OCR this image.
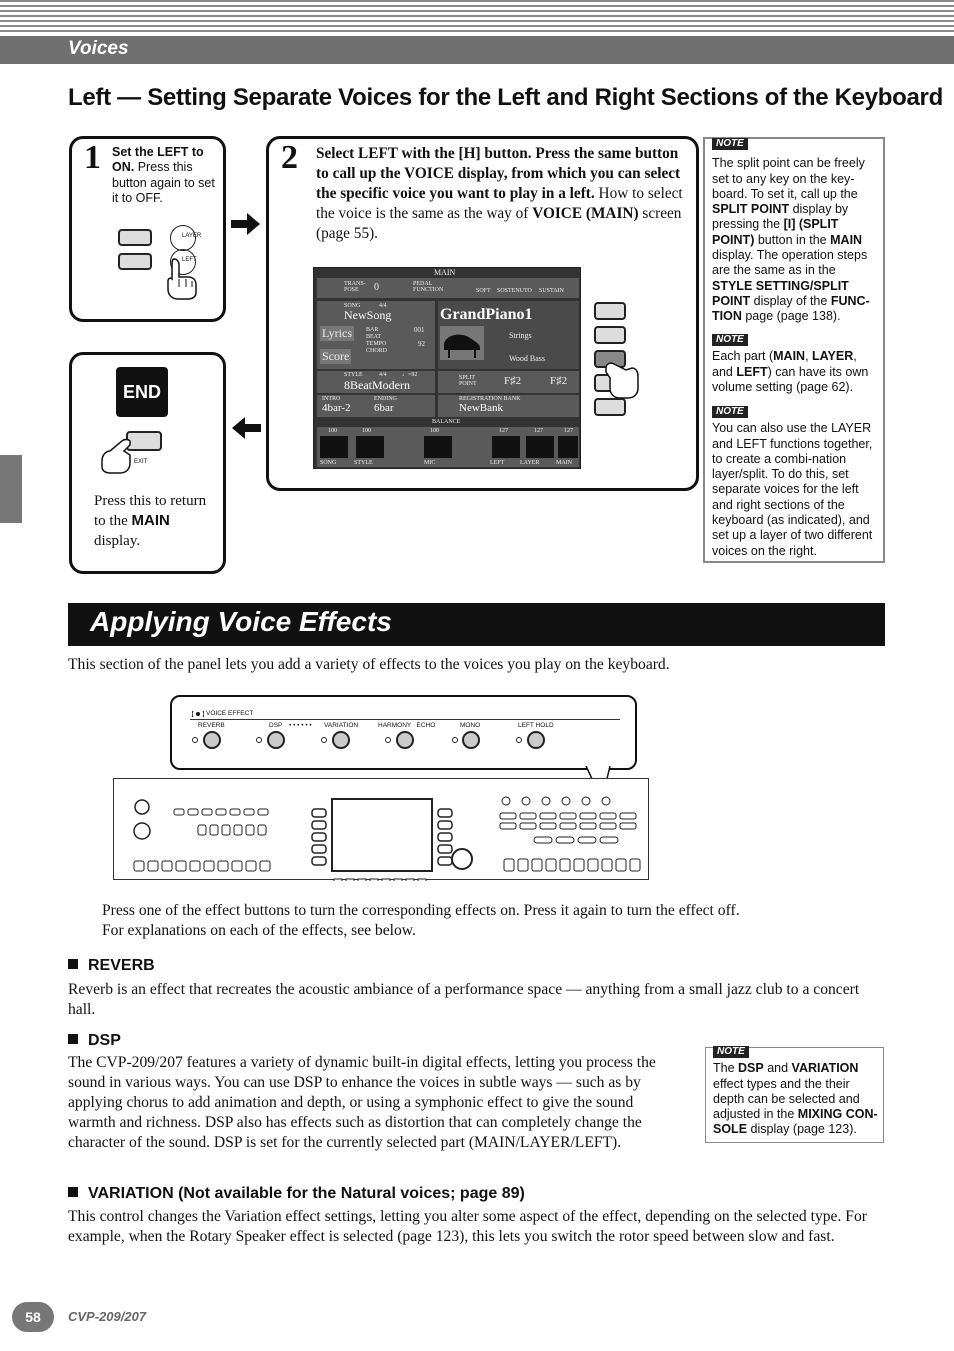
Voices
Left — Setting Separate Voices for the Left and Right Sections of the Keyboard
1 Set the LEFT to ON. Press this button again to set it to OFF.
LAYER
LEFT
2 Select LEFT with the [H] button. Press the same button to call up the VOICE display, from which you can select the specific voice you want to play in a left. How to select the voice is the same as the way of VOICE (MAIN) screen (page 55).
MAIN
TRANS-POSE	0	PEDAL FUNCTION	SOFT SOSTENUTO SUSTAIN
SONG	4/4
NewSong
Lyrics
Score
BAR
BEAT
TEMPO
CHORD
001
92
GrandPiano1
Strings
Wood Bass
STYLE	4/4	♩=92
8BeatModern	SPLIT POINT	F♯2	F♯2
INTRO
4bar-2
ENDING
6bar
REGISTRATION BANK
NewBank
BALANCE
100	100	100	127	127	127
SONG	STYLE	MIC	LEFT	LAYER	MAIN
END
EXIT
Press this to return to the MAIN display.
NOTE
The split point can be freely set to any key on the key-board. To set it, call up the SPLIT POINT display by pressing the [I] (SPLIT POINT) button in the MAIN display. The operation steps are the same as in the STYLE SETTING/SPLIT POINT display of the FUNC-TION page (page 138).
NOTE
Each part (MAIN, LAYER, and LEFT) can have its own volume setting (page 62).
NOTE
You can also use the LAYER and LEFT functions together, to create a combi-nation layer/split. To do this, set separate voices for the left and right sections of the keyboard (as indicated), and set up a layer of two different voices on the right.
Applying Voice Effects
This section of the panel lets you add a variety of effects to the voices you play on the keyboard.
VOICE EFFECT
REVERB	DSP • • • • • • VARIATION	HARMONY   ECHO	MONO	LEFT HOLD
Press one of the effect buttons to turn the corresponding effects on. Press it again to turn the effect off.
For explanations on each of the effects, see below.
REVERB
Reverb is an effect that recreates the acoustic ambiance of a performance space — anything from a small jazz club to a concert hall.
DSP
The CVP-209/207 features a variety of dynamic built-in digital effects, letting you process the sound in various ways. You can use DSP to enhance the voices in subtle ways — such as by applying chorus to add animation and depth, or using a symphonic effect to give the sound warmth and richness. DSP also has effects such as distortion that can completely change the character of the sound. DSP is set for the currently selected part (MAIN/LAYER/LEFT).
NOTE
The DSP and VARIATION effect types and the their depth can be selected and adjusted in the MIXING CON-SOLE display (page 123).
VARIATION (Not available for the Natural voices; page 89)
This control changes the Variation effect settings, letting you alter some aspect of the effect, depending on the selected type. For example, when the Rotary Speaker effect is selected (page 123), this lets you switch the rotor speed between slow and fast.
58	CVP-209/207
